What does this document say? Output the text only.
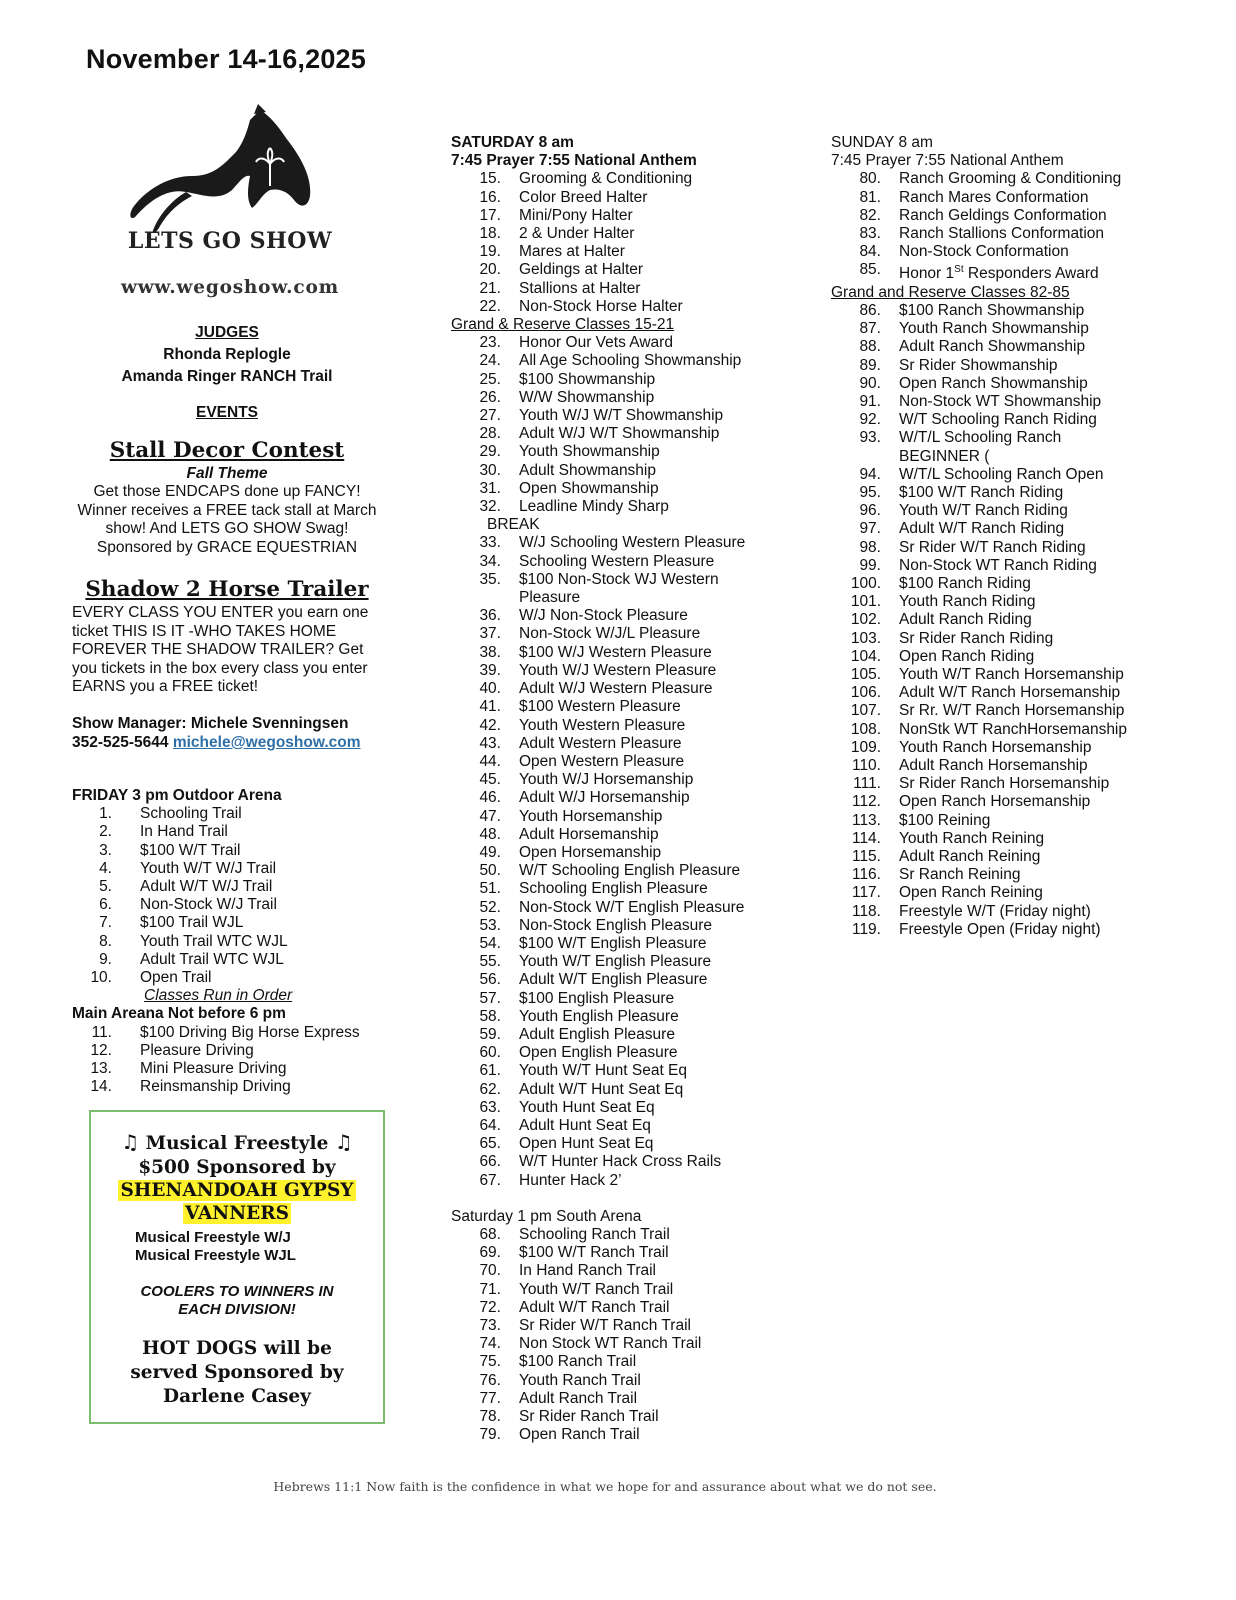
November 14-16,2025
LETS GO SHOW
www.wegoshow.com
JUDGES
Rhonda Replogle
Amanda Ringer RANCH Trail
EVENTS
Stall Decor Contest
Fall Theme
Get those ENDCAPS done up FANCY!
Winner receives a FREE tack stall at March
show! And LETS GO SHOW Swag!
Sponsored by GRACE EQUESTRIAN
Shadow 2 Horse Trailer
EVERY CLASS YOU ENTER you earn one
ticket THIS IS IT -WHO TAKES HOME
FOREVER THE SHADOW TRAILER? Get
you tickets in the box every class you enter
EARNS you a FREE ticket!
Show Manager: Michele Svenningsen
352-525-5644 michele@wegoshow.com
FRIDAY 3 pm Outdoor Arena
1.	Schooling Trail
2.	In Hand Trail
3.	$100 W/T Trail
4.	Youth W/T W/J Trail
5.	Adult W/T W/J Trail
6.	Non-Stock W/J Trail
7.	$100 Trail WJL
8.	Youth Trail WTC WJL
9.	Adult Trail WTC WJL
10.	Open Trail
Classes Run in Order
Main Areana Not before 6 pm
11.	$100 Driving Big Horse Express
12.	Pleasure Driving
13.	Mini Pleasure Driving
14.	Reinsmanship Driving
♫ Musical Freestyle ♫
$500 Sponsored by
SHENANDOAH GYPSY
VANNERS
Musical Freestyle W/J
Musical Freestyle WJL
COOLERS TO WINNERS IN
EACH DIVISION!
HOT DOGS will be
served Sponsored by
Darlene Casey
SATURDAY 8 am
7:45 Prayer 7:55 National Anthem
15.	Grooming & Conditioning
16.	Color Breed Halter
17.	Mini/Pony Halter
18.	2 & Under Halter
19.	Mares at Halter
20.	Geldings at Halter
21.	Stallions at Halter
22.	Non-Stock Horse Halter
Grand & Reserve Classes 15-21
23.	Honor Our Vets Award
24.	All Age Schooling Showmanship
25.	$100 Showmanship
26.	W/W Showmanship
27.	Youth W/J W/T Showmanship
28.	Adult W/J W/T Showmanship
29.	Youth Showmanship
30.	Adult Showmanship
31.	Open Showmanship
32.	Leadline Mindy Sharp
BREAK
33.	W/J Schooling Western Pleasure
34.	Schooling Western Pleasure
35.	$100 Non-Stock WJ Western
Pleasure
36.	W/J Non-Stock Pleasure
37.	Non-Stock W/J/L Pleasure
38.	$100 W/J Western Pleasure
39.	Youth W/J Western Pleasure
40.	Adult W/J Western Pleasure
41.	$100 Western Pleasure
42.	Youth Western Pleasure
43.	Adult Western Pleasure
44.	Open Western Pleasure
45.	Youth W/J Horsemanship
46.	Adult W/J Horsemanship
47.	Youth Horsemanship
48.	Adult Horsemanship
49.	Open Horsemanship
50.	W/T Schooling English Pleasure
51.	Schooling English Pleasure
52.	Non-Stock W/T English Pleasure
53.	Non-Stock English Pleasure
54.	$100 W/T English Pleasure
55.	Youth W/T English Pleasure
56.	Adult W/T English Pleasure
57.	$100 English Pleasure
58.	Youth English Pleasure
59.	Adult English Pleasure
60.	Open English Pleasure
61.	Youth W/T Hunt Seat Eq
62.	Adult W/T Hunt Seat Eq
63.	Youth Hunt Seat Eq
64.	Adult Hunt Seat Eq
65.	Open Hunt Seat Eq
66.	W/T Hunter Hack Cross Rails
67.	Hunter Hack 2’
Saturday 1 pm South Arena
68.	Schooling Ranch Trail
69.	$100 W/T Ranch Trail
70.	In Hand Ranch Trail
71.	Youth W/T Ranch Trail
72.	Adult W/T Ranch Trail
73.	Sr Rider W/T Ranch Trail
74.	Non Stock WT Ranch Trail
75.	$100 Ranch Trail
76.	Youth Ranch Trail
77.	Adult Ranch Trail
78.	Sr Rider Ranch Trail
79.	Open Ranch Trail
SUNDAY 8 am
7:45 Prayer 7:55 National Anthem
80.	Ranch Grooming & Conditioning
81.	Ranch Mares Conformation
82.	Ranch Geldings Conformation
83.	Ranch Stallions Conformation
84.	Non-Stock Conformation
85.	Honor 1St Responders Award
Grand and Reserve Classes 82-85
86.	$100 Ranch Showmanship
87.	Youth Ranch Showmanship
88.	Adult Ranch Showmanship
89.	Sr Rider Showmanship
90.	Open Ranch Showmanship
91.	Non-Stock WT Showmanship
92.	W/T Schooling Ranch Riding
93.	W/T/L Schooling Ranch
BEGINNER (
94.	W/T/L Schooling Ranch Open
95.	$100 W/T Ranch Riding
96.	Youth W/T Ranch Riding
97.	Adult W/T Ranch Riding
98.	Sr Rider W/T Ranch Riding
99.	Non-Stock WT Ranch Riding
100.	$100 Ranch Riding
101.	Youth Ranch Riding
102.	Adult Ranch Riding
103.	Sr Rider Ranch Riding
104.	Open Ranch Riding
105.	Youth W/T Ranch Horsemanship
106.	Adult W/T Ranch Horsemanship
107.	Sr Rr. W/T Ranch Horsemanship
108.	NonStk WT RanchHorsemanship
109.	Youth Ranch Horsemanship
110.	Adult Ranch Horsemanship
111.	Sr Rider Ranch Horsemanship
112.	Open Ranch Horsemanship
113.	$100 Reining
114.	Youth Ranch Reining
115.	Adult Ranch Reining
116.	Sr Ranch Reining
117.	Open Ranch Reining
118.	Freestyle W/T (Friday night)
119.	Freestyle Open (Friday night)
Hebrews 11:1 Now faith is the confidence in what we hope for and assurance about what we do not see.
